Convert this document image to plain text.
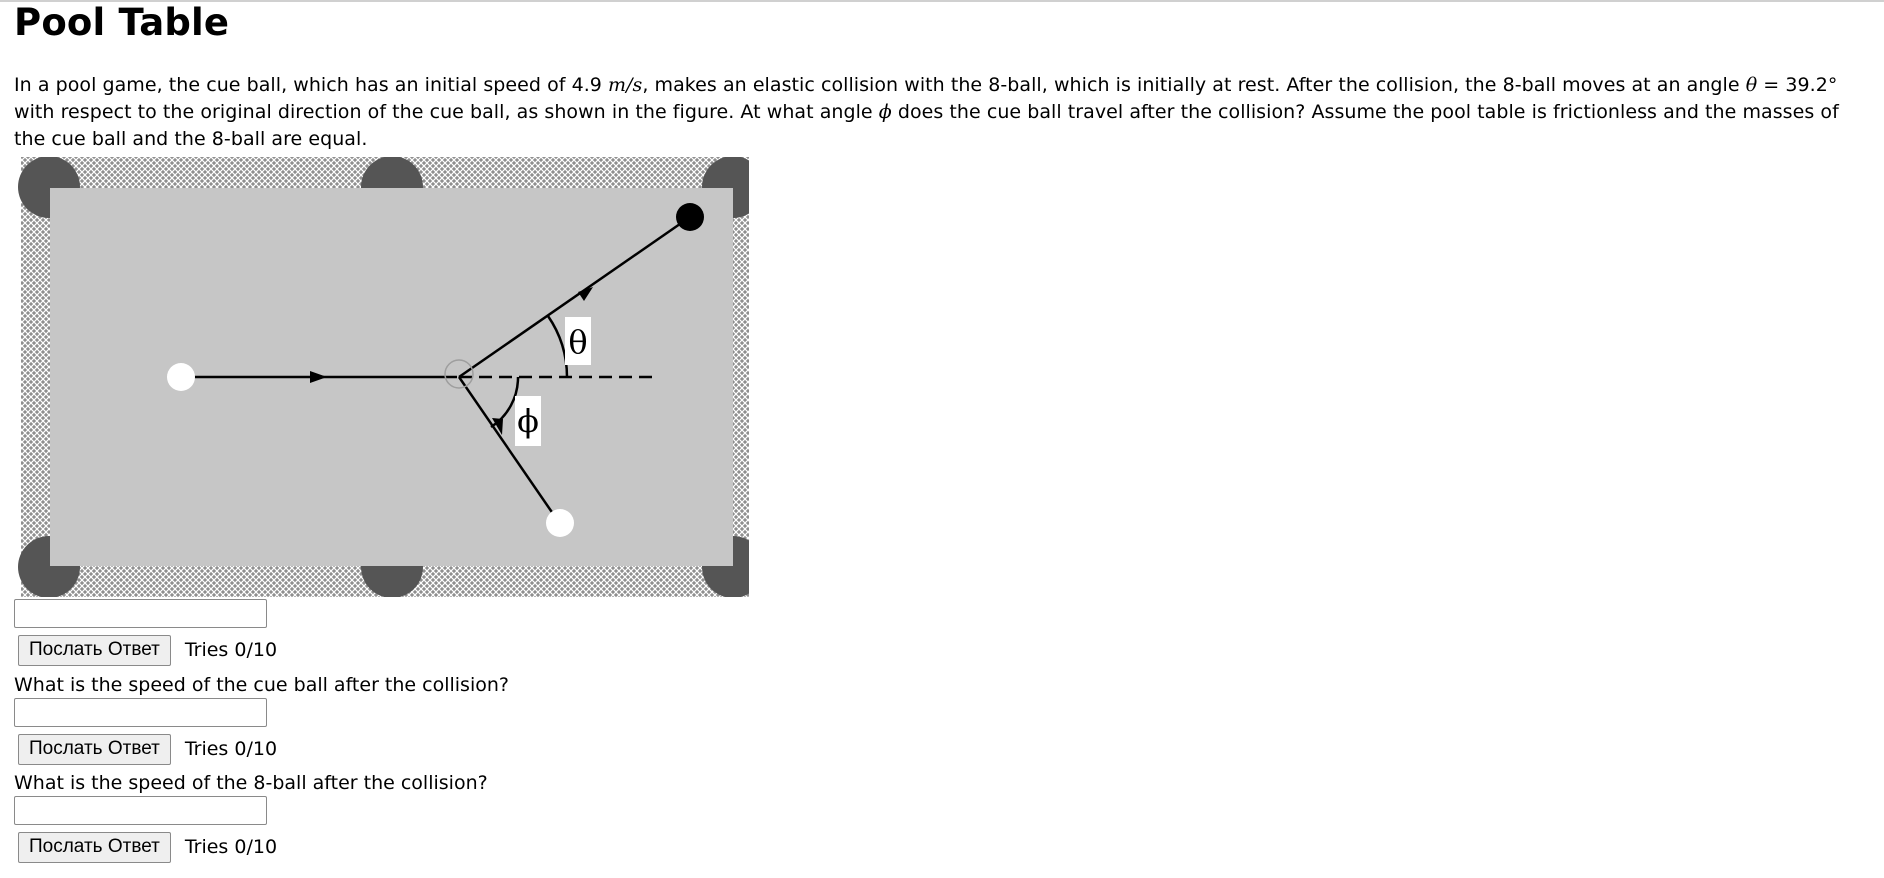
Pool Table
In a pool game, the cue ball, which has an initial speed of 4.9 m/s, makes an elastic collision with the 8-ball, which is initially at rest. After the collision, the 8-ball moves at an angle θ = 39.2° with respect to the original direction of the cue ball, as shown in the figure. At what angle ϕ does the cue ball travel after the collision? Assume the pool table is frictionless and the masses of the cue ball and the 8-ball are equal.
θ
ϕ
Послать Ответ	Tries 0/10
What is the speed of the cue ball after the collision?
Послать Ответ	Tries 0/10
What is the speed of the 8-ball after the collision?
Послать Ответ	Tries 0/10
